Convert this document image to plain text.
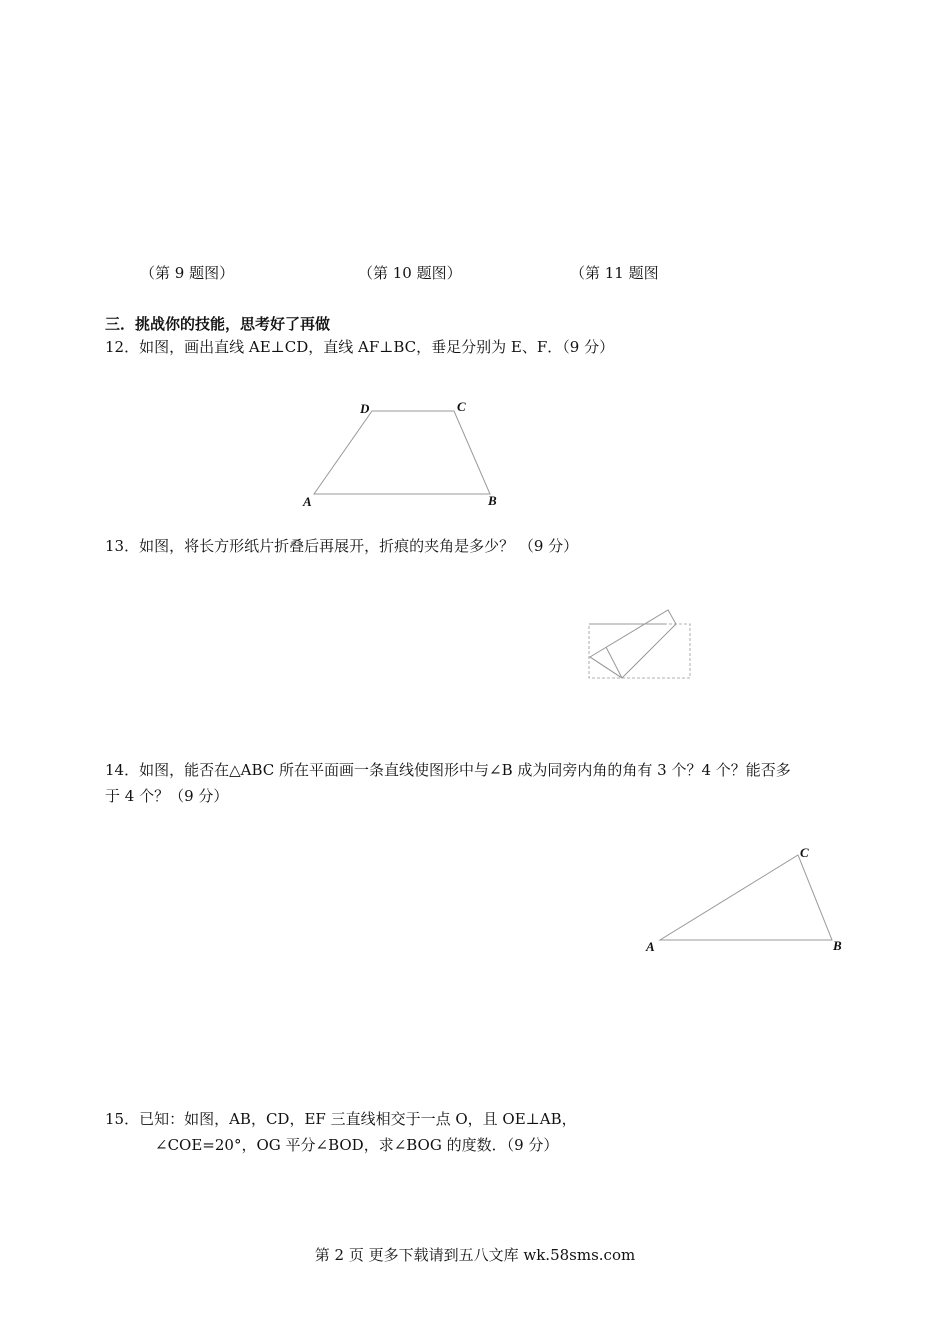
（第 9 题图）	（第 10 题图）	（第 11 题图
三．挑战你的技能，思考好了再做
12．如图，画出直线 AE⊥CD，直线 AF⊥BC，垂足分别为 E、F．（9 分）
D	C
A	B
13．如图，将长方形纸片折叠后再展开，折痕的夹角是多少？ （9 分）
14．如图，能否在△ABC 所在平面画一条直线使图形中与∠B 成为同旁内角的角有 3 个？4 个？能否多
于 4 个？（9 分）
C
A	B
15．已知：如图，AB，CD，EF 三直线相交于一点 O，且 OE⊥AB，
∠COE=20°，OG 平分∠BOD，求∠BOG 的度数．（9 分）
第 2 页 更多下载请到五八文库 wk.58sms.com
